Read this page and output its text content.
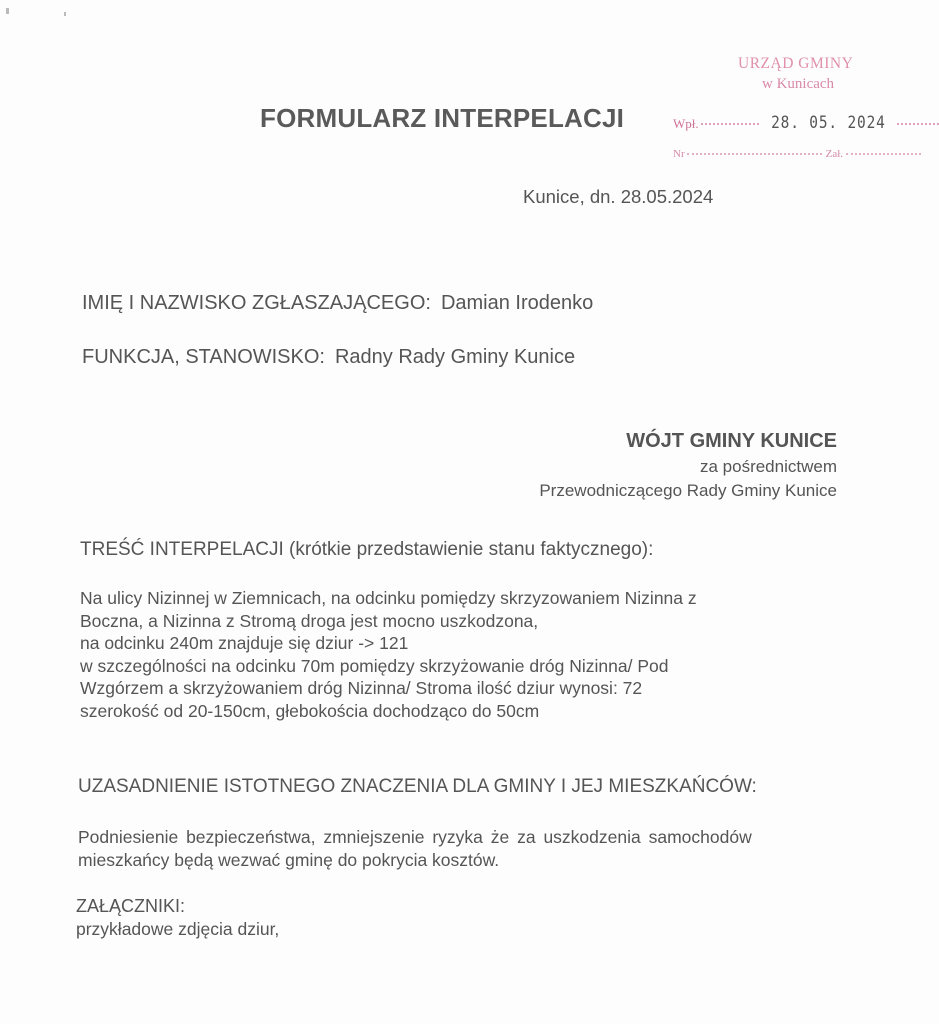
URZĄD GMINY
w Kunicach
Wpł.	28. 05. 2024
Nr	Zał.
FORMULARZ INTERPELACJI
Kunice, dn. 28.05.2024
IMIĘ I NAZWISKO ZGŁASZAJĄCEGO: Damian Irodenko
FUNKCJA, STANOWISKO: Radny Rady Gminy Kunice
WÓJT GMINY KUNICE
za pośrednictwem
Przewodniczącego Rady Gminy Kunice
TREŚĆ INTERPELACJI (krótkie przedstawienie stanu faktycznego):
Na ulicy Nizinnej w Ziemnicach, na odcinku pomiędzy skrzyzowaniem Nizinna z
Boczna, a Nizinna z Stromą droga jest mocno uszkodzona,
na odcinku 240m znajduje się dziur -> 121
w szczególności na odcinku 70m pomiędzy skrzyżowanie dróg Nizinna/ Pod
Wzgórzem a skrzyżowaniem dróg Nizinna/ Stroma ilość dziur wynosi: 72
szerokość od 20-150cm, głebokościa dochodząco do 50cm
UZASADNIENIE ISTOTNEGO ZNACZENIA DLA GMINY I JEJ MIESZKAŃCÓW:
Podniesienie bezpieczeństwa, zmniejszenie ryzyka że za uszkodzenia samochodów
mieszkańcy będą wezwać gminę do pokrycia kosztów.
ZAŁĄCZNIKI:
przykładowe zdjęcia dziur,
